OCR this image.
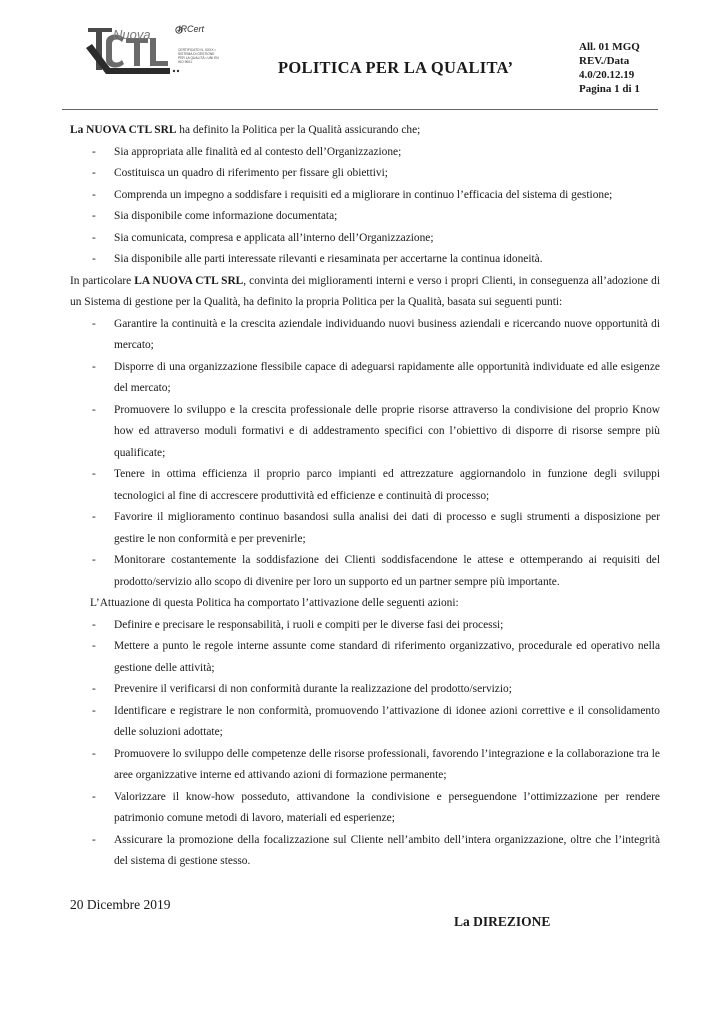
Nuova	IRCert
CERTIFICATO N. XXXX • SISTEMA DI GESTIONE PER LA QUALITÀ • UNI EN ISO 9001	POLITICA PER LA QUALITA’
All. 01 MGQ
REV./Data
4.0/20.12.19
Pagina 1 di 1

La NUOVA CTL SRL ha definito la Politica per la Qualità assicurando che;

- Sia appropriata alle finalità ed al contesto dell’Organizzazione;
- Costituisca un quadro di riferimento per fissare gli obiettivi;
- Comprenda un impegno a soddisfare i requisiti ed a migliorare in continuo l’efficacia del sistema di gestione;
- Sia disponibile come informazione documentata;
- Sia comunicata, compresa e applicata all’interno dell’Organizzazione;
- Sia disponibile alle parti interessate rilevanti e riesaminata per accertarne la continua idoneità.

In particolare LA NUOVA CTL SRL, convinta dei miglioramenti interni e verso i propri Clienti, in conseguenza all’adozione di un Sistema di gestione per la Qualità, ha definito la propria Politica per la Qualità, basata sui seguenti punti:

- Garantire la continuità e la crescita aziendale individuando nuovi business aziendali e ricercando nuove opportunità di mercato;
- Disporre di una organizzazione flessibile capace di adeguarsi rapidamente alle opportunità individuate ed alle esigenze del mercato;
- Promuovere lo sviluppo e la crescita professionale delle proprie risorse attraverso la condivisione del proprio Know how ed attraverso moduli formativi e di addestramento specifici con l’obiettivo di disporre di risorse sempre più qualificate;
- Tenere in ottima efficienza il proprio parco impianti ed attrezzature aggiornandolo in funzione degli sviluppi tecnologici al fine di accrescere produttività ed efficienze e continuità di processo;
- Favorire il miglioramento continuo basandosi sulla analisi dei dati di processo e sugli strumenti a disposizione per gestire le non conformità e per prevenirle;
- Monitorare costantemente la soddisfazione dei Clienti soddisfacendone le attese e ottemperando ai requisiti del prodotto/servizio allo scopo di divenire per loro un supporto ed un partner sempre più importante.

L’Attuazione di questa Politica ha comportato l’attivazione delle seguenti azioni:

- Definire e precisare le responsabilità, i ruoli e compiti per le diverse fasi dei processi;
- Mettere a punto le regole interne assunte come standard di riferimento organizzativo, procedurale ed operativo nella gestione delle attività;
- Prevenire il verificarsi di non conformità durante la realizzazione del prodotto/servizio;
- Identificare e registrare le non conformità, promuovendo l’attivazione di idonee azioni correttive e il consolidamento delle soluzioni adottate;
- Promuovere lo sviluppo delle competenze delle risorse professionali, favorendo l’integrazione e la collaborazione tra le aree organizzative interne ed attivando azioni di formazione permanente;
- Valorizzare il know-how posseduto, attivandone la condivisione e perseguendone l’ottimizzazione per rendere patrimonio comune metodi di lavoro, materiali ed esperienze;
- Assicurare la promozione della focalizzazione sul Cliente nell’ambito dell’intera organizzazione, oltre che l’integrità del sistema di gestione stesso.
20 Dicembre 2019
La DIREZIONE
